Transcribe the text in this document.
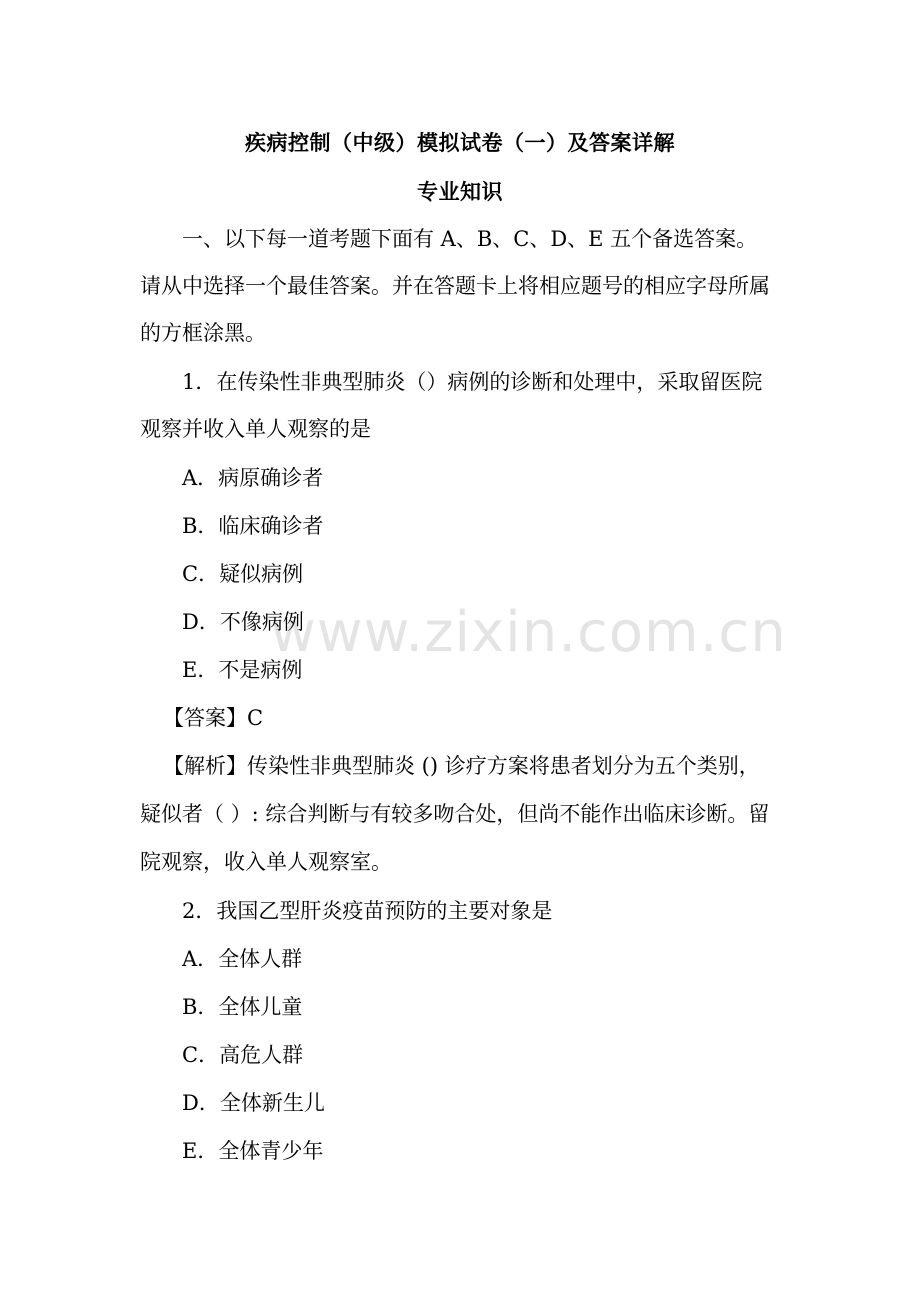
疾病控制（中级）模拟试卷（一）及答案详解
专业知识
一、以下每一道考题下面有 A、B、C、D、E 五个备选答案。
请从中选择一个最佳答案。并在答题卡上将相应题号的相应字母所属
的方框涂黑。
1．在传染性非典型肺炎（）病例的诊断和处理中，采取留医院
观察并收入单人观察的是
A．病原确诊者
B．临床确诊者
C．疑似病例
D．不像病例
E．不是病例
【答案】C
【解析】传染性非典型肺炎 () 诊疗方案将患者划分为五个类别，
疑似者（ ）: 综合判断与有较多吻合处，但尚不能作出临床诊断。留
院观察，收入单人观察室。
2．我国乙型肝炎疫苗预防的主要对象是
A．全体人群
B．全体儿童
C．高危人群
D．全体新生儿
E．全体青少年
www.zixin.com.cn
